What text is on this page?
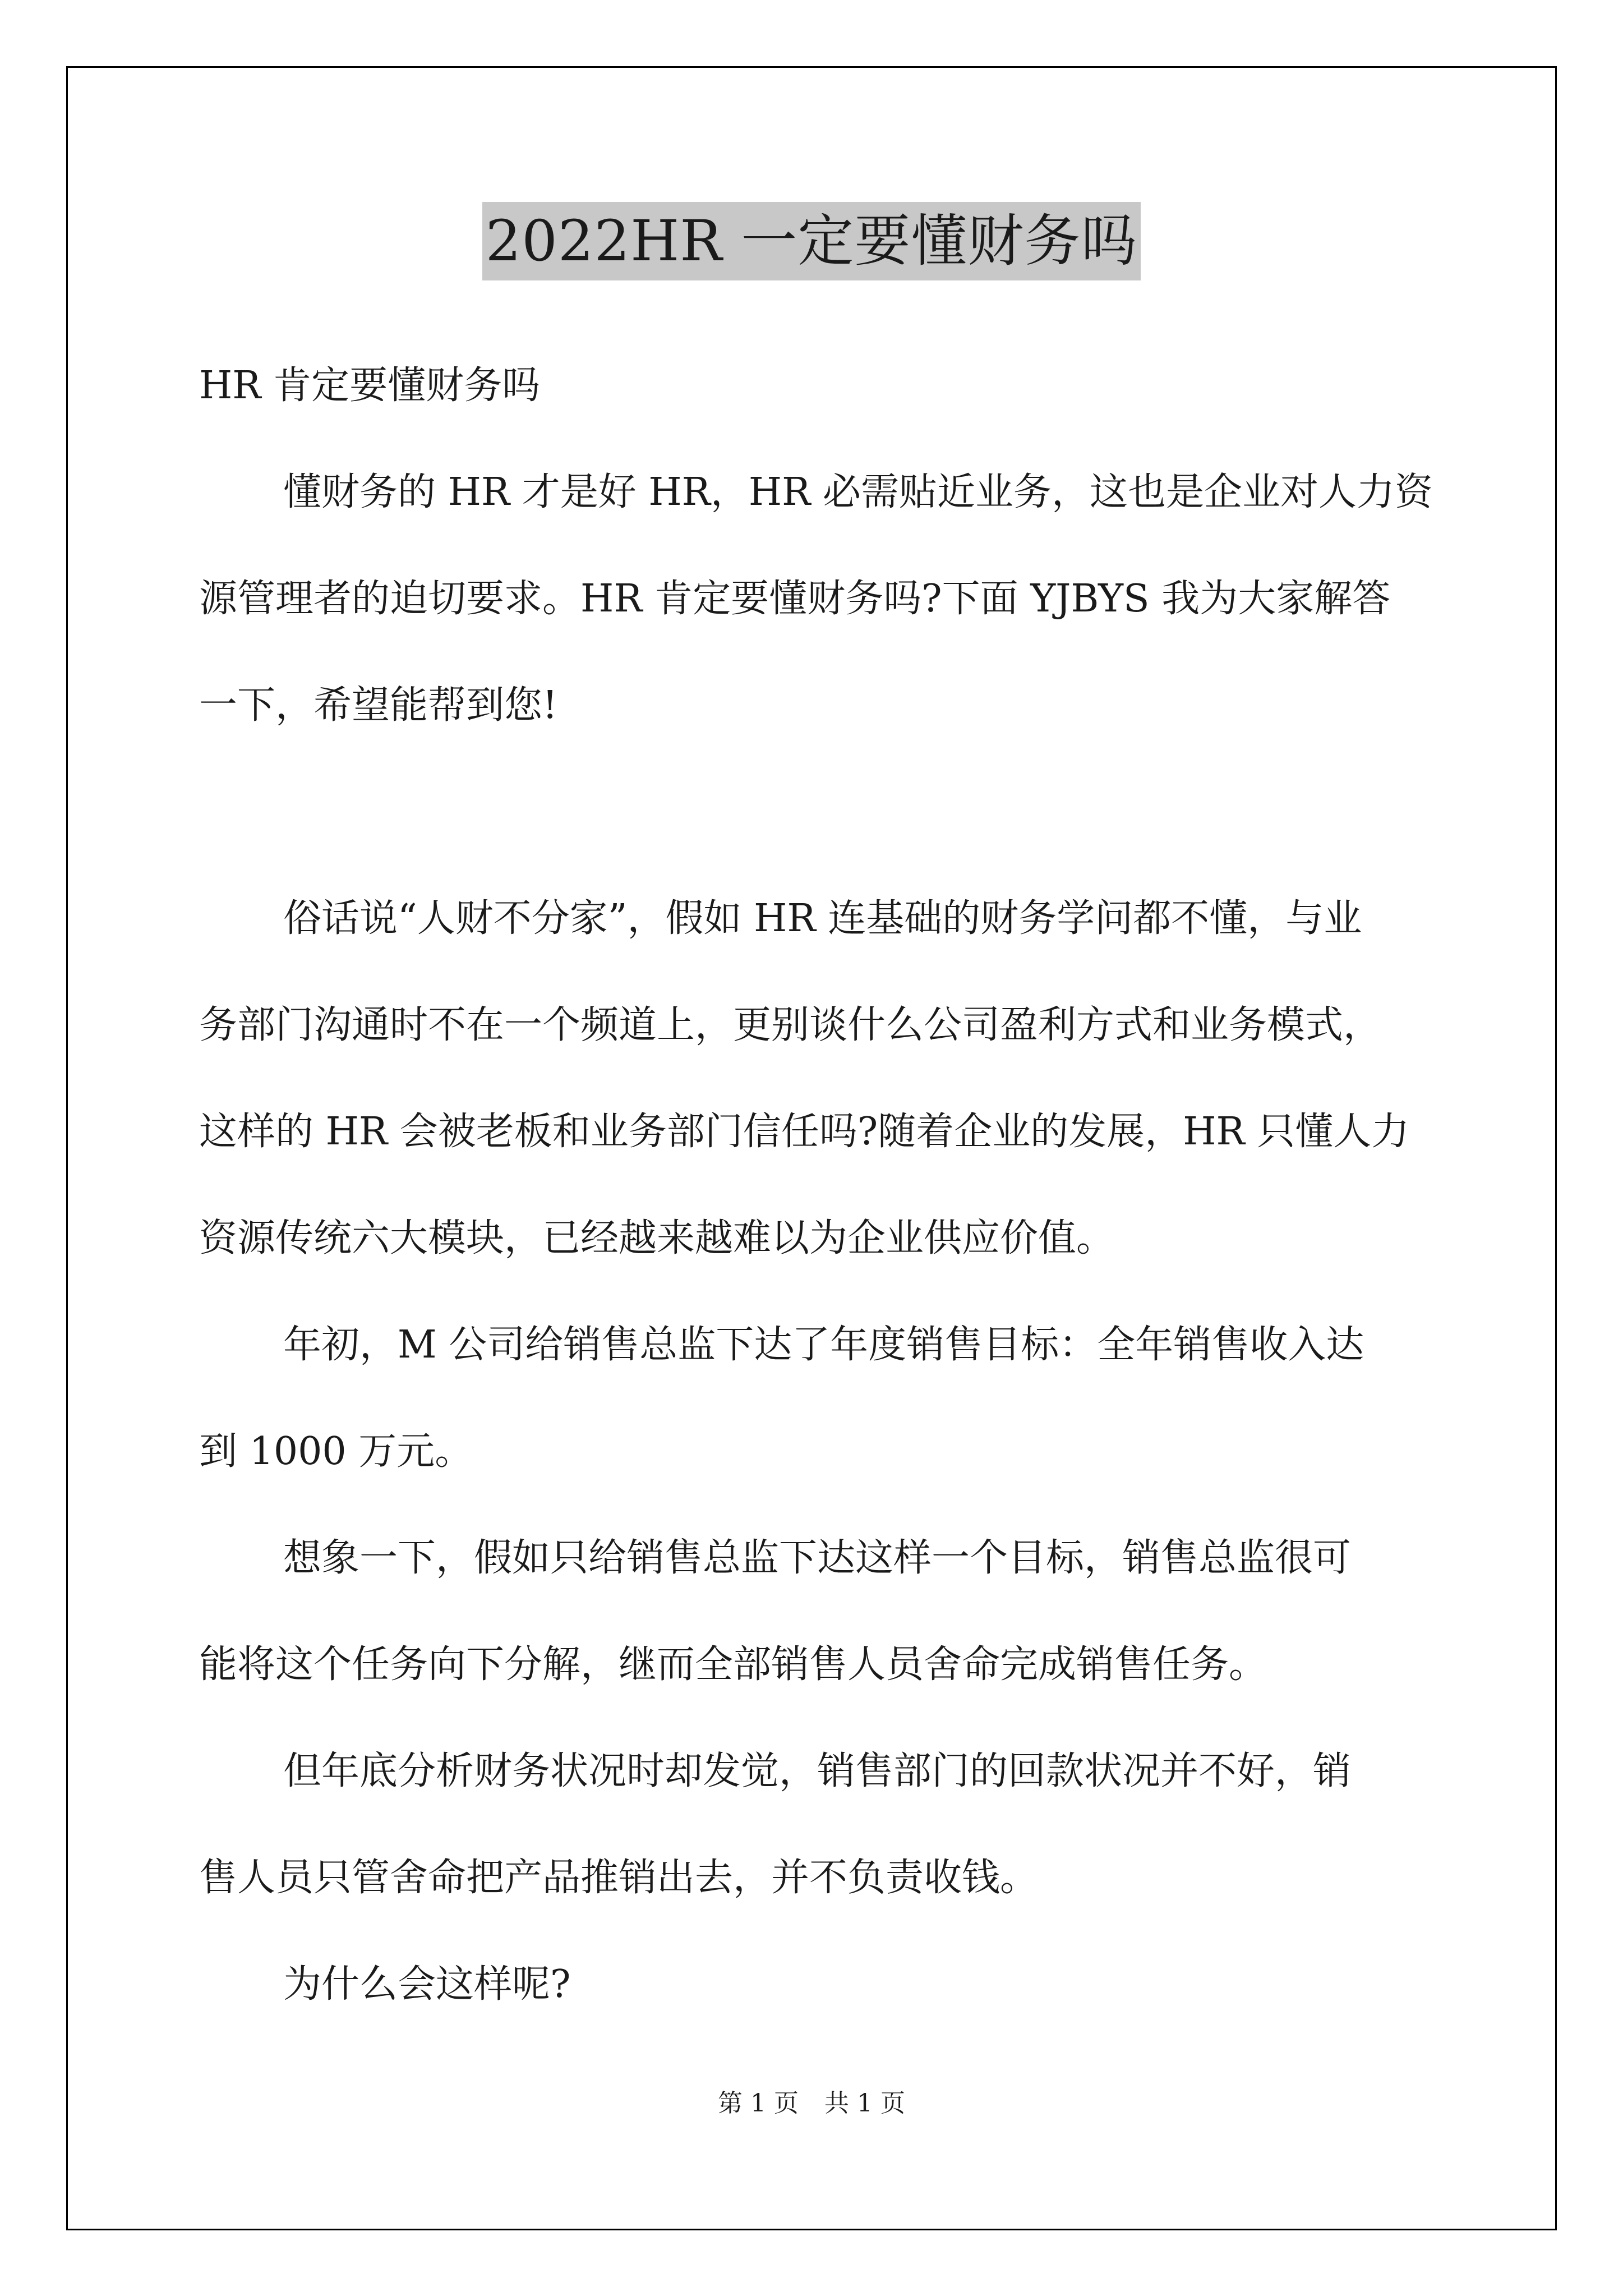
2022HR 一定要懂财务吗

HR 肯定要懂财务吗

懂财务的 HR 才是好 HR，HR 必需贴近业务，这也是企业对人力资

源管理者的迫切要求。HR 肯定要懂财务吗?下面 YJBYS 我为大家解答

一下，希望能帮到您!

俗话说“人财不分家”，假如 HR 连基础的财务学问都不懂，与业

务部门沟通时不在一个频道上，更别谈什么公司盈利方式和业务模式，

这样的 HR 会被老板和业务部门信任吗?随着企业的发展，HR 只懂人力

资源传统六大模块，已经越来越难以为企业供应价值。

年初，M 公司给销售总监下达了年度销售目标：全年销售收入达

到 1000 万元。

想象一下，假如只给销售总监下达这样一个目标，销售总监很可

能将这个任务向下分解，继而全部销售人员舍命完成销售任务。

但年底分析财务状况时却发觉，销售部门的回款状况并不好，销

售人员只管舍命把产品推销出去，并不负责收钱。

为什么会这样呢?

第 1 页 共 1 页
